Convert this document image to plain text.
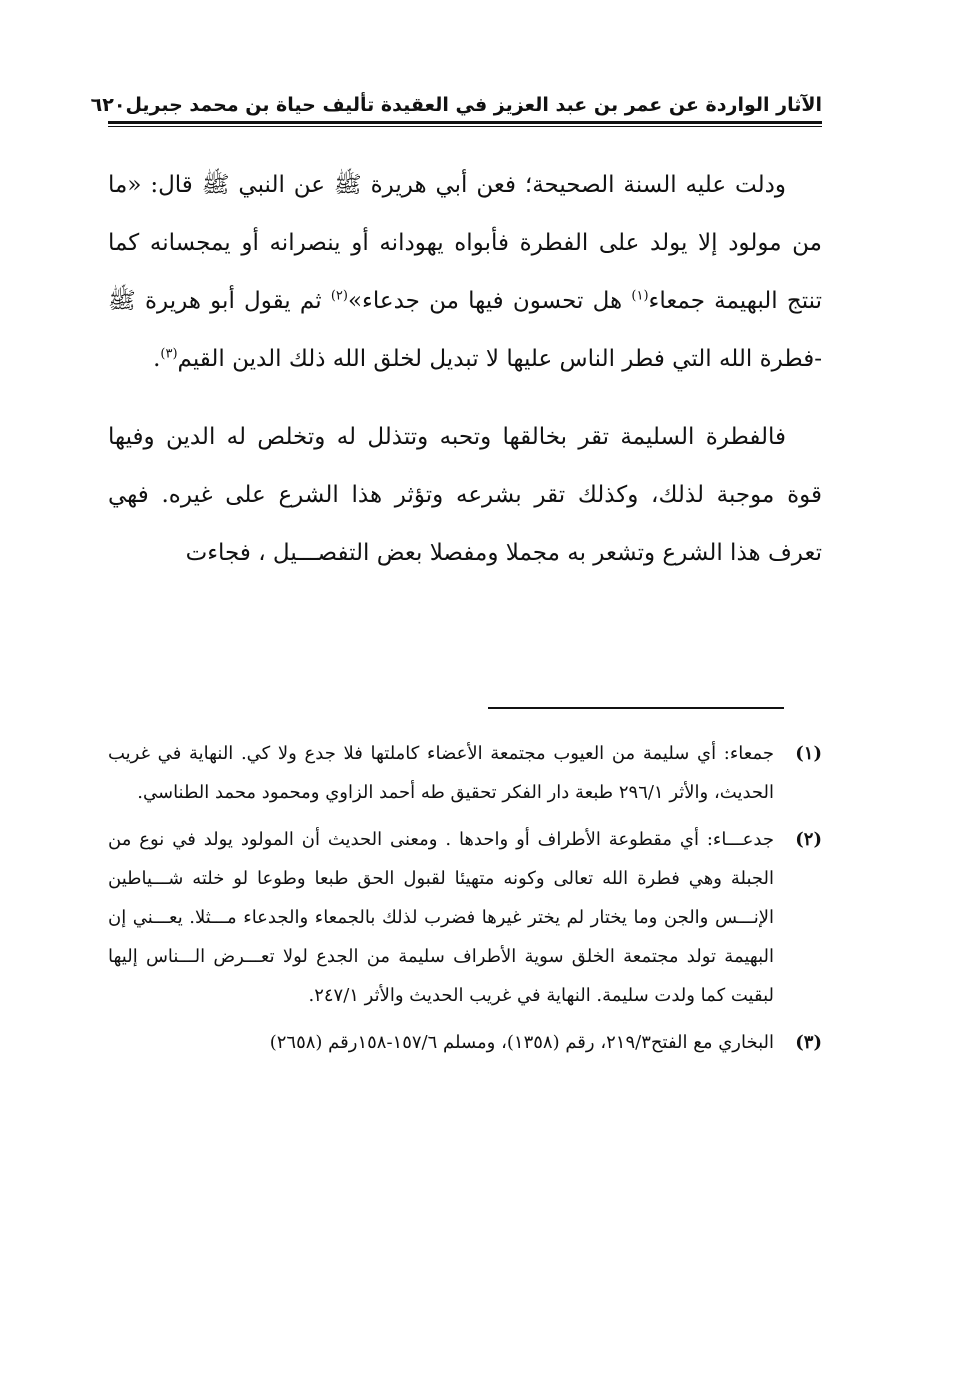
الآثار الواردة عن عمر بن عبد العزيز في العقيدة تأليف حياة بن محمد جبريل
٦٢٠

ودلت عليه السنة الصحيحة؛ فعن أبي هريرة ﷺ عن النبي ﷺ قال: «ما من مولود إلا يولد على الفطرة فأبواه يهودانه أو ينصرانه أو يمجسانه كما تنتج البهيمة جمعاء$^{(١)}$ هل تحسون فيها من جدعاء»$^{(٢)}$ ثم يقول أبو هريرة ﷺ -فطرة الله التي فطر الناس عليها لا تبديل لخلق الله ذلك الدين القيم$^{(٣)}$.

فالفطرة السليمة تقر بخالقها وتحبه وتتذلل له وتخلص له الدين وفيها قوة موجبة لذلك، وكذلك تقر بشرعه وتؤثر هذا الشرع على غيره. فهي تعرف هذا الشرع وتشعر به مجملا ومفصلا بعض التفصـــيل ، فجاءت

(١)
جمعاء: أي سليمة من العيوب مجتمعة الأعضاء كاملتها فلا جدع ولا كي. النهاية في غريب الحديث، والأثر ٢٩٦/١ طبعة دار الفكر تحقيق طه أحمد الزاوي ومحمود محمد الطناسي.
(٢)
جدعـــاء: أي مقطوعة الأطراف أو واحدها . ومعنى الحديث أن المولود يولد في نوع من الجبلة وهي فطرة الله تعالى وكونه متهيئا لقبول الحق طبعا وطوعا لو خلته شـــياطين الإنـــس والجن وما يختار لم يختر غيرها فضرب لذلك بالجمعاء والجدعاء مـــثلا. يعـــني إن البهيمة تولد مجتمعة الخلق سوية الأطراف سليمة من الجدع لولا تعـــرض الـــناس إليها لبقيت كما ولدت سليمة. النهاية في غريب الحديث والأثر ٢٤٧/١.
(٣)
البخاري مع الفتح٢١٩/٣، رقم (١٣٥٨)، ومسلم ١٥٧/٦-١٥٨رقم (٢٦٥٨)
